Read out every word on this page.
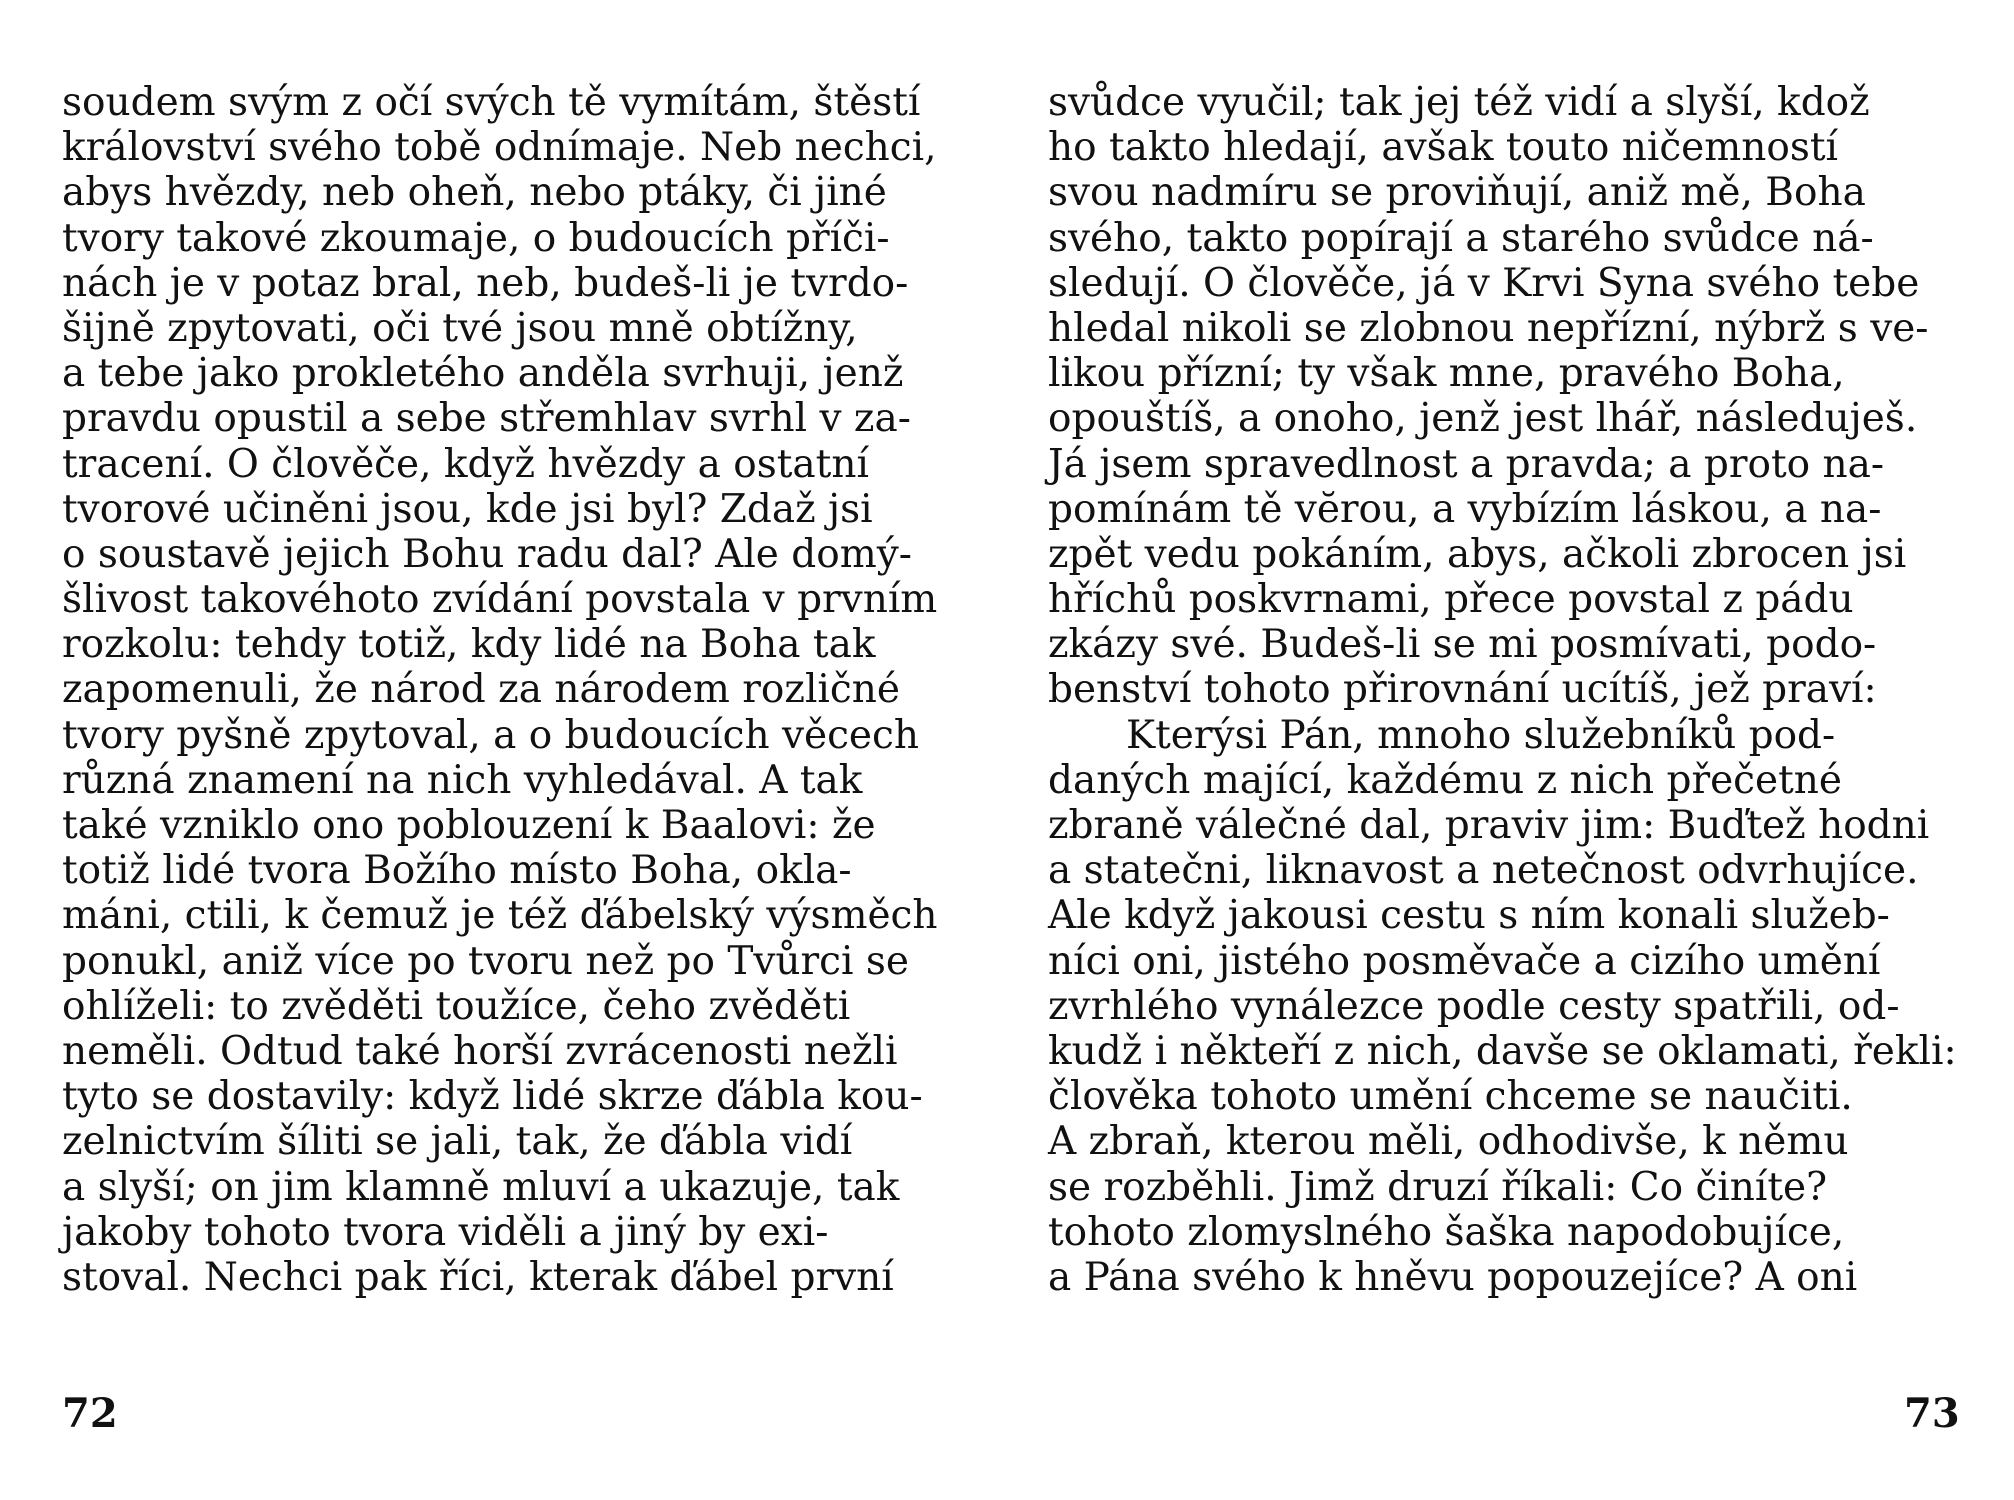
soudem svým z očí svých tě vymítám, štěstí
království svého tobě odnímaje. Neb nechci,
abys hvězdy, neb oheň, nebo ptáky, či jiné
tvory takové zkoumaje, o budoucích příči-
nách je v potaz bral, neb, budeš-li je tvrdo-
šijně zpytovati, oči tvé jsou mně obtížny,
a tebe jako prokletého anděla svrhuji, jenž
pravdu opustil a sebe střemhlav svrhl v za-
tracení. O člověče, když hvězdy a ostatní
tvorové učiněni jsou, kde jsi byl? Zdaž jsi
o soustavě jejich Bohu radu dal? Ale domý-
šlivost takovéhoto zvídání povstala v prvním
rozkolu: tehdy totiž, kdy lidé na Boha tak
zapomenuli, že národ za národem rozličné
tvory pyšně zpytoval, a o budoucích věcech
různá znamení na nich vyhledával. A tak
také vzniklo ono poblouzení k Baalovi: že
totiž lidé tvora Božího místo Boha, okla-
máni, ctili, k čemuž je též ďábelský výsměch
ponukl, aniž více po tvoru než po Tvůrci se
ohlíželi: to zvěděti toužíce, čeho zvěděti
neměli. Odtud také horší zvrácenosti nežli
tyto se dostavily: když lidé skrze ďábla kou-
zelnictvím šíliti se jali, tak, že ďábla vidí
a slyší; on jim klamně mluví a ukazuje, tak
jakoby tohoto tvora viděli a jiný by exi-
stoval. Nechci pak říci, kterak ďábel první
72
svůdce vyučil; tak jej též vidí a slyší, kdož
ho takto hledají, avšak touto ničemností
svou nadmíru se proviňují, aniž mě, Boha
svého, takto popírají a starého svůdce ná-
sledují. O člověče, já v Krvi Syna svého tebe
hledal nikoli se zlobnou nepřízní, nýbrž s ve-
likou přízní; ty však mne, pravého Boha,
opouštíš, a onoho, jenž jest lhář, následuješ.
Já jsem spravedlnost a pravda; a proto na-
pomínám tě vĕrou, a vybízím láskou, a na-
zpět vedu pokáním, abys, ačkoli zbrocen jsi
hříchů poskvrnami, přece povstal z pádu
zkázy své. Budeš-li se mi posmívati, podo-
benství tohoto přirovnání ucítíš, jež praví:
Kterýsi Pán, mnoho služebníků pod-
daných mající, každému z nich přečetné
zbraně válečné dal, praviv jim: Buďtež hodni
a statečni, liknavost a netečnost odvrhujíce.
Ale když jakousi cestu s ním konali služeb-
níci oni, jistého posměvače a cizího umění
zvrhlého vynálezce podle cesty spatřili, od-
kudž i někteří z nich, davše se oklamati, řekli:
člověka tohoto umění chceme se naučiti.
A zbraň, kterou měli, odhodivše, k němu
se rozběhli. Jimž druzí říkali: Co činíte?
tohoto zlomyslného šaška napodobujíce,
a Pána svého k hněvu popouzejíce? A oni
73
